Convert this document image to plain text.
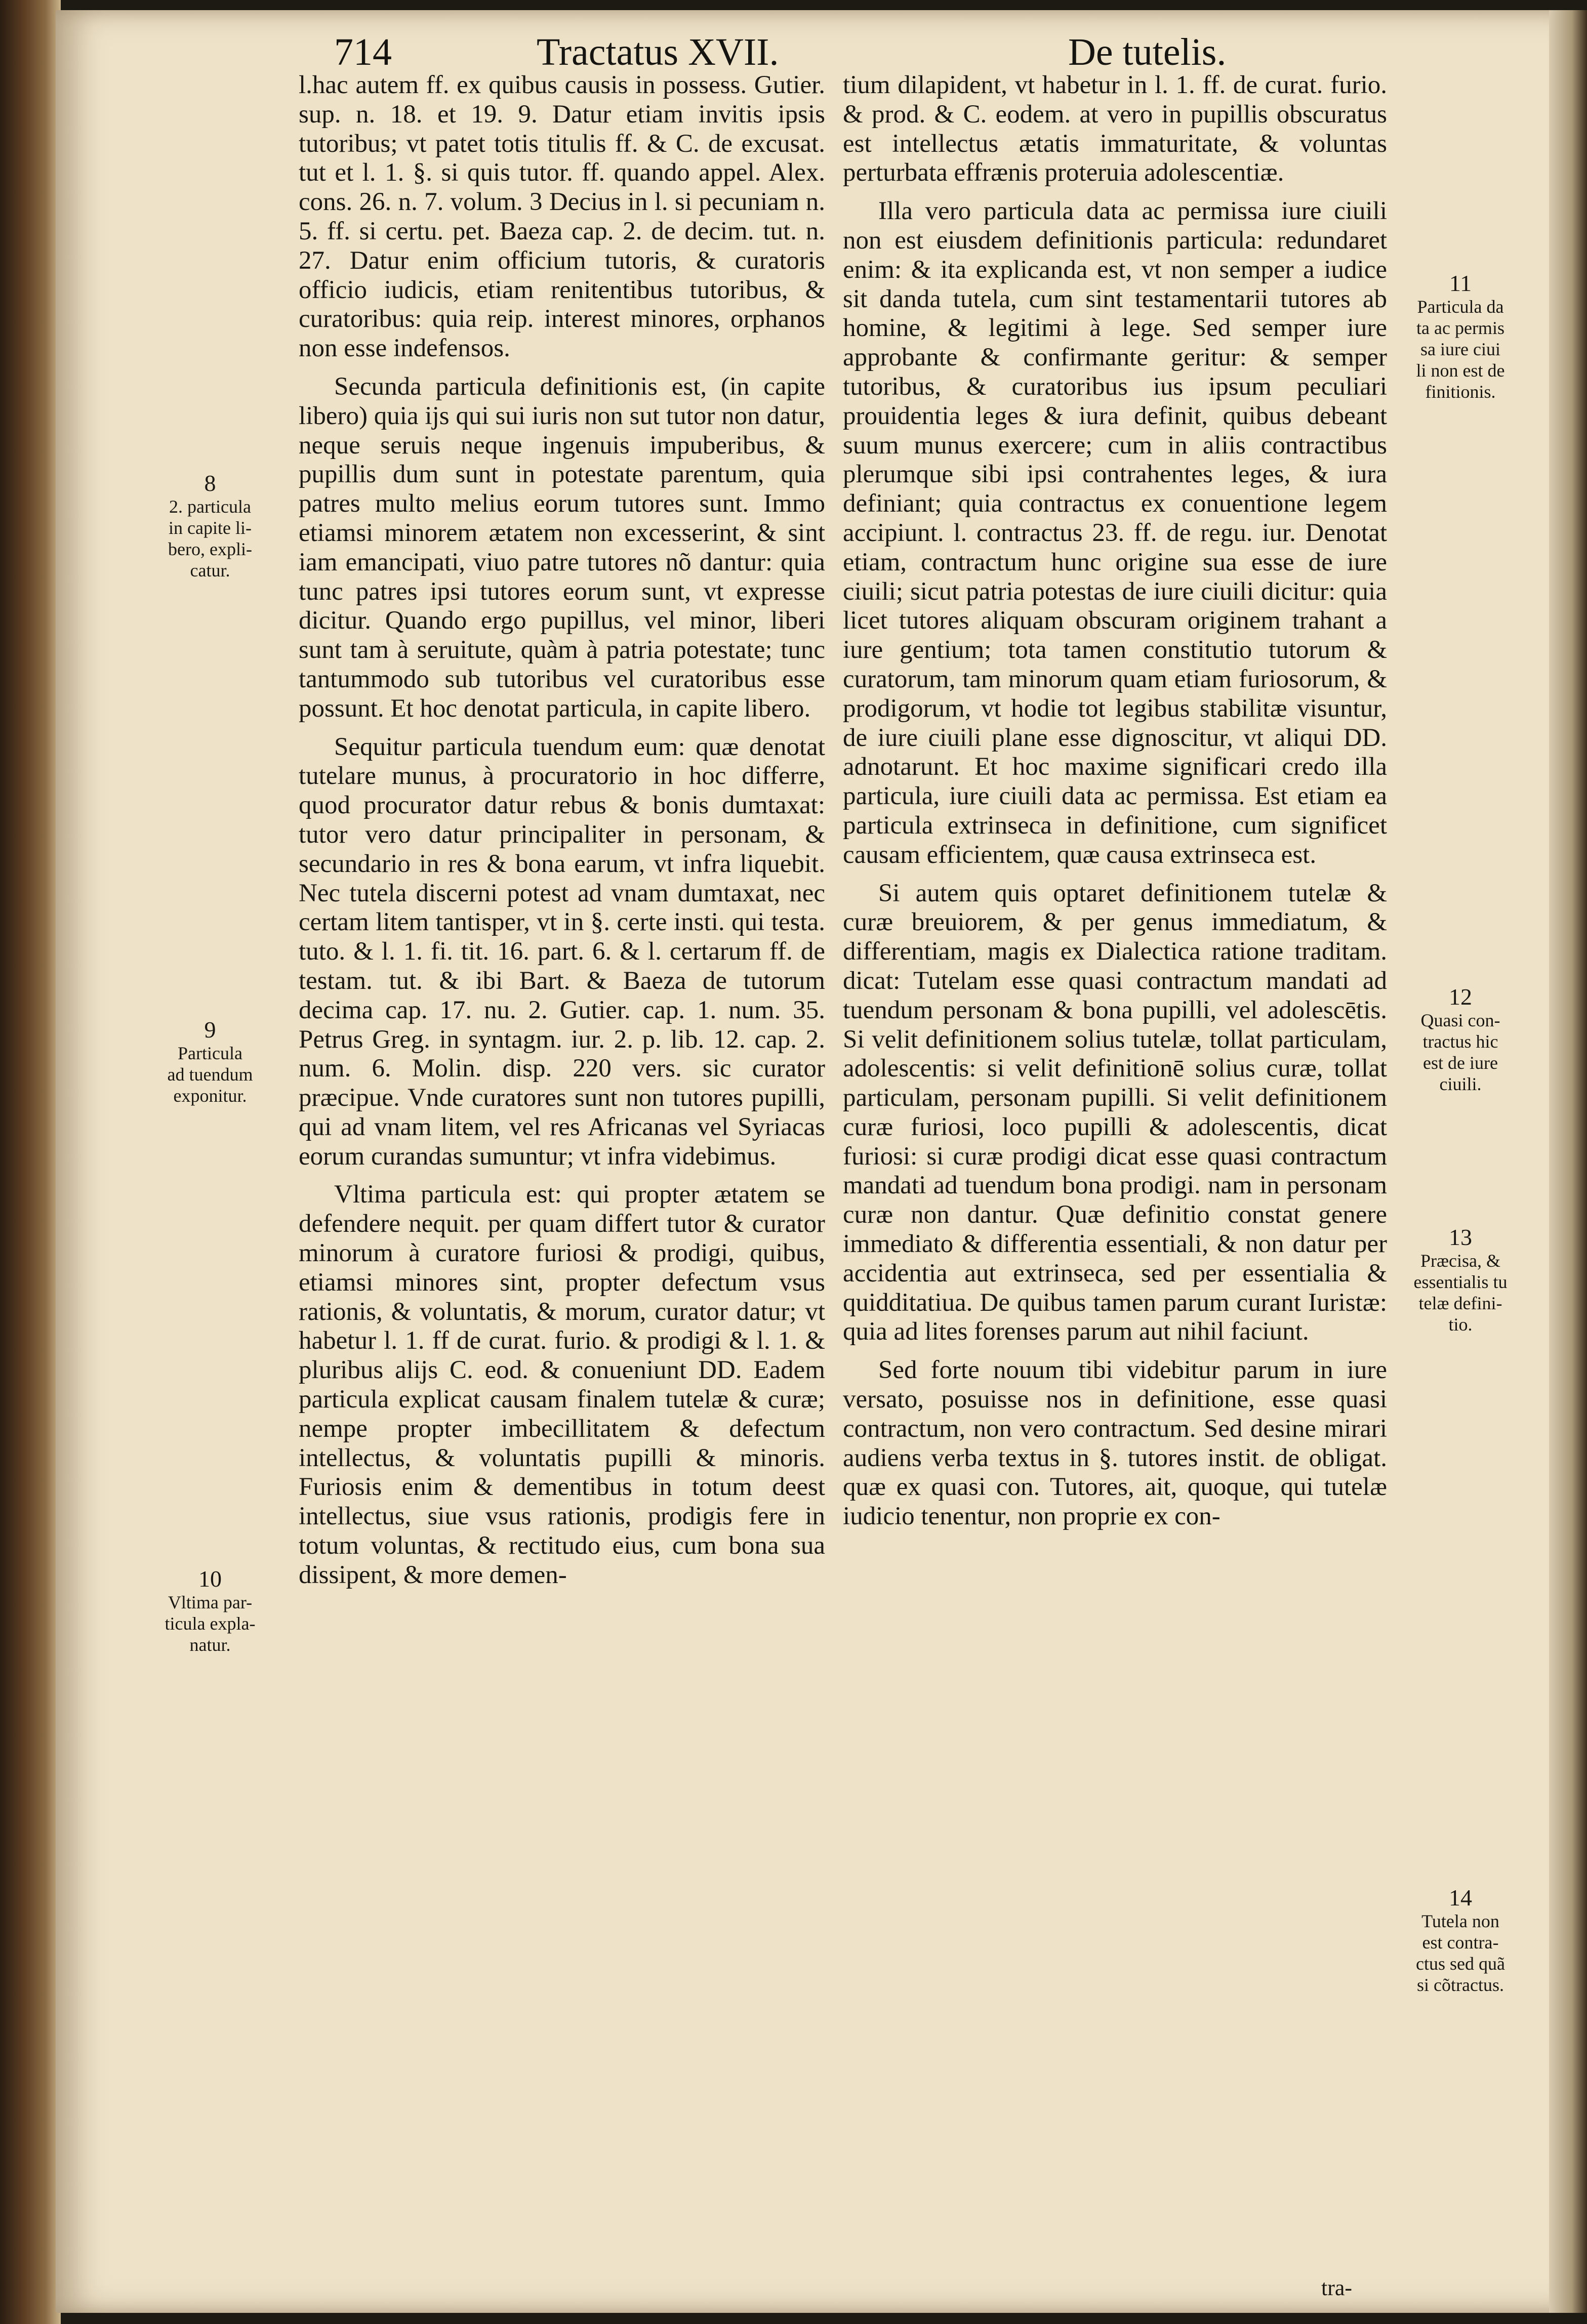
714	Tractatus XVII.	De tutelis.

l.hac autem ff. ex quibus causis in possess. Gutier. sup. n. 18. et 19. 9. Datur etiam invitis ipsis tutoribus; vt patet totis titulis ff. & C. de excusat. tut et l. 1. §. si quis tutor. ff. quando appel. Alex. cons. 26. n. 7. volum. 3 Decius in l. si pecuniam n. 5. ff. si certu. pet. Baeza cap. 2. de decim. tut. n. 27. Datur enim officium tutoris, & curatoris officio iudicis, etiam renitentibus tutoribus, & curatoribus: quia reip. interest minores, orphanos non esse indefensos.

Secunda particula definitionis est, (in capite libero) quia ijs qui sui iuris non sut tutor non datur, neque seruis neque ingenuis impuberibus, & pupillis dum sunt in potestate parentum, quia patres multo melius eorum tutores sunt. Immo etiamsi minorem ætatem non excesserint, & sint iam emancipati, viuo patre tutores nõ dantur: quia tunc patres ipsi tutores eorum sunt, vt expresse dicitur. Quando ergo pupillus, vel minor, liberi sunt tam à seruitute, quàm à patria potestate; tunc tantummodo sub tutoribus vel curatoribus esse possunt. Et hoc denotat particula, in capite libero.

Sequitur particula tuendum eum: quæ denotat tutelare munus, à procuratorio in hoc differre, quod procurator datur rebus & bonis dumtaxat: tutor vero datur principaliter in personam, & secundario in res & bona earum, vt infra liquebit. Nec tutela discerni potest ad vnam dumtaxat, nec certam litem tantisper, vt in §. certe insti. qui testa. tuto. & l. 1. fi. tit. 16. part. 6. & l. certarum ff. de testam. tut. & ibi Bart. & Baeza de tutorum decima cap. 17. nu. 2. Gutier. cap. 1. num. 35. Petrus Greg. in syntagm. iur. 2. p. lib. 12. cap. 2. num. 6. Molin. disp. 220 vers. sic curator præcipue. Vnde curatores sunt non tutores pupilli, qui ad vnam litem, vel res Africanas vel Syriacas eorum curandas sumuntur; vt infra videbimus.

Vltima particula est: qui propter ætatem se defendere nequit. per quam differt tutor & curator minorum à curatore furiosi & prodigi, quibus, etiamsi minores sint, propter defectum vsus rationis, & voluntatis, & morum, curator datur; vt habetur l. 1. ff de curat. furio. & prodigi & l. 1. & pluribus alijs C. eod. & conueniunt DD. Eadem particula explicat causam finalem tutelæ & curæ; nempe propter imbecillitatem & defectum intellectus, & voluntatis pupilli & minoris. Furiosis enim & dementibus in totum deest intellectus, siue vsus rationis, prodigis fere in totum voluntas, & rectitudo eius, cum bona sua dissipent, & more demen-

tium dilapident, vt habetur in l. 1. ff. de curat. furio. & prod. & C. eodem. at vero in pupillis obscuratus est intellectus ætatis immaturitate, & voluntas perturbata effrænis proteruia adolescentiæ.

Illa vero particula data ac permissa iure ciuili non est eiusdem definitionis particula: redundaret enim: & ita explicanda est, vt non semper a iudice sit danda tutela, cum sint testamentarii tutores ab homine, & legitimi à lege. Sed semper iure approbante & confirmante geritur: & semper tutoribus, & curatoribus ius ipsum peculiari prouidentia leges & iura definit, quibus debeant suum munus exercere; cum in aliis contractibus plerumque sibi ipsi contrahentes leges, & iura definiant; quia contractus ex conuentione legem accipiunt. l. contractus 23. ff. de regu. iur. Denotat etiam, contractum hunc origine sua esse de iure ciuili; sicut patria potestas de iure ciuili dicitur: quia licet tutores aliquam obscuram originem trahant a iure gentium; tota tamen constitutio tutorum & curatorum, tam minorum quam etiam furiosorum, & prodigorum, vt hodie tot legibus stabilitæ visuntur, de iure ciuili plane esse dignoscitur, vt aliqui DD. adnotarunt. Et hoc maxime significari credo illa particula, iure ciuili data ac permissa. Est etiam ea particula extrinseca in definitione, cum significet causam efficientem, quæ causa extrinseca est.

Si autem quis optaret definitionem tutelæ & curæ breuiorem, & per genus immediatum, & differentiam, magis ex Dialectica ratione traditam. dicat: Tutelam esse quasi contractum mandati ad tuendum personam & bona pupilli, vel adolescētis. Si velit definitionem solius tutelæ, tollat particulam, adolescentis: si velit definitionē solius curæ, tollat particulam, personam pupilli. Si velit definitionem curæ furiosi, loco pupilli & adolescentis, dicat furiosi: si curæ prodigi dicat esse quasi contractum mandati ad tuendum bona prodigi. nam in personam curæ non dantur. Quæ definitio constat genere immediato & differentia essentiali, & non datur per accidentia aut extrinseca, sed per essentialia & quidditatiua. De quibus tamen parum curant Iuristæ: quia ad lites forenses parum aut nihil faciunt.

Sed forte nouum tibi videbitur parum in iure versato, posuisse nos in definitione, esse quasi contractum, non vero contractum. Sed desine mirari audiens verba textus in §. tutores instit. de obligat. quæ ex quasi con. Tutores, ait, quoque, qui tutelæ iudicio tenentur, non proprie ex con-

8
2. particula
in capite li-
bero, expli-
catur.
9
Particula
ad tuendum
exponitur.
10
Vltima par-
ticula expla-
natur.
11
Particula da
ta ac permis
sa iure ciui
li non est de
finitionis.
12
Quasi con-
tractus hic
est de iure
ciuili.
13
Præcisa, &
essentialis tu
telæ defini-
tio.
14
Tutela non
est contra-
ctus sed quã
si cõtractus.
tra-
